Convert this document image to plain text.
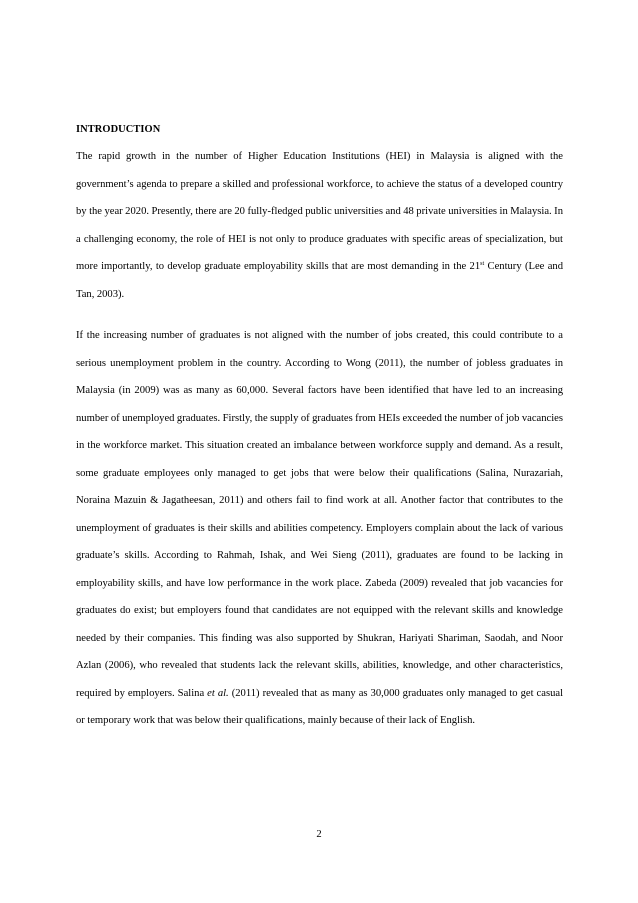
INTRODUCTION

The rapid growth in the number of Higher Education Institutions (HEI) in Malaysia is aligned with the government’s agenda to prepare a skilled and professional workforce, to achieve the status of a developed country by the year 2020. Presently, there are 20 fully-fledged public universities and 48 private universities in Malaysia. In a challenging economy, the role of HEI is not only to produce graduates with specific areas of specialization, but more importantly, to develop graduate employability skills that are most demanding in the 21st Century (Lee and Tan, 2003).

If the increasing number of graduates is not aligned with the number of jobs created, this could contribute to a serious unemployment problem in the country. According to Wong (2011), the number of jobless graduates in Malaysia (in 2009) was as many as 60,000. Several factors have been identified that have led to an increasing number of unemployed graduates. Firstly, the supply of graduates from HEIs exceeded the number of job vacancies in the workforce market. This situation created an imbalance between workforce supply and demand. As a result, some graduate employees only managed to get jobs that were below their qualifications (Salina, Nurazariah, Noraina Mazuin & Jagatheesan, 2011) and others fail to find work at all. Another factor that contributes to the unemployment of graduates is their skills and abilities competency. Employers complain about the lack of various graduate’s skills. According to Rahmah, Ishak, and Wei Sieng (2011), graduates are found to be lacking in employability skills, and have low performance in the work place. Zabeda (2009) revealed that job vacancies for graduates do exist; but employers found that candidates are not equipped with the relevant skills and knowledge needed by their companies. This finding was also supported by Shukran, Hariyati Shariman, Saodah, and Noor Azlan (2006), who revealed that students lack the relevant skills, abilities, knowledge, and other characteristics, required by employers. Salina et al. (2011) revealed that as many as 30,000 graduates only managed to get casual or temporary work that was below their qualifications, mainly because of their lack of English.

2
